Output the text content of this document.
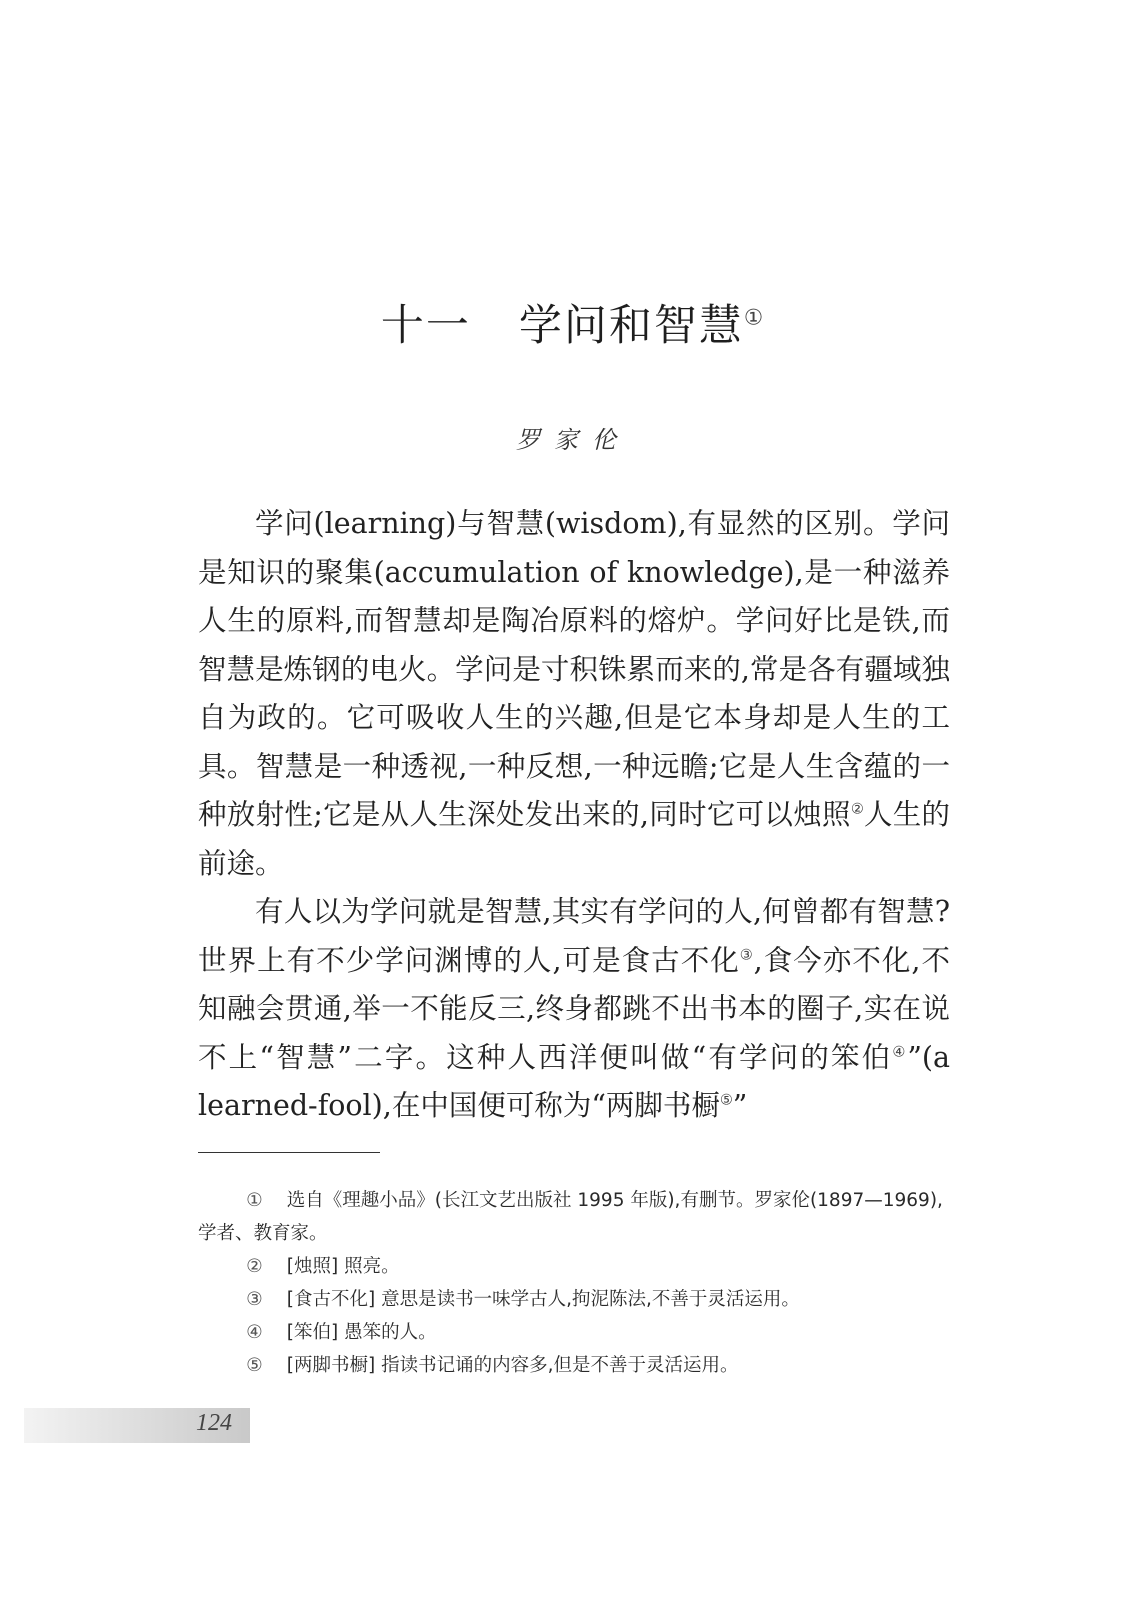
十一 学问和智慧①
罗家伦

学问(learning)与智慧(wisdom),有显然的区别。学问是知识的聚集(accumulation of knowledge),是一种滋养人生的原料,而智慧却是陶冶原料的熔炉。学问好比是铁,而智慧是炼钢的电火。学问是寸积铢累而来的,常是各有疆域独自为政的。它可吸收人生的兴趣,但是它本身却是人生的工具。智慧是一种透视,一种反想,一种远瞻;它是人生含蕴的一种放射性;它是从人生深处发出来的,同时它可以烛照②人生的前途。

有人以为学问就是智慧,其实有学问的人,何曾都有智慧?世界上有不少学问渊博的人,可是食古不化③,食今亦不化,不知融会贯通,举一不能反三,终身都跳不出书本的圈子,实在说不上“智慧”二字。这种人西洋便叫做“有学问的笨伯④”(a learned-fool),在中国便可称为“两脚书橱⑤”

① 选自《理趣小品》(长江文艺出版社 1995 年版),有删节。罗家伦(1897—1969),学者、教育家。

② [烛照] 照亮。

③ [食古不化] 意思是读书一味学古人,拘泥陈法,不善于灵活运用。

④ [笨伯] 愚笨的人。

⑤ [两脚书橱] 指读书记诵的内容多,但是不善于灵活运用。

124
